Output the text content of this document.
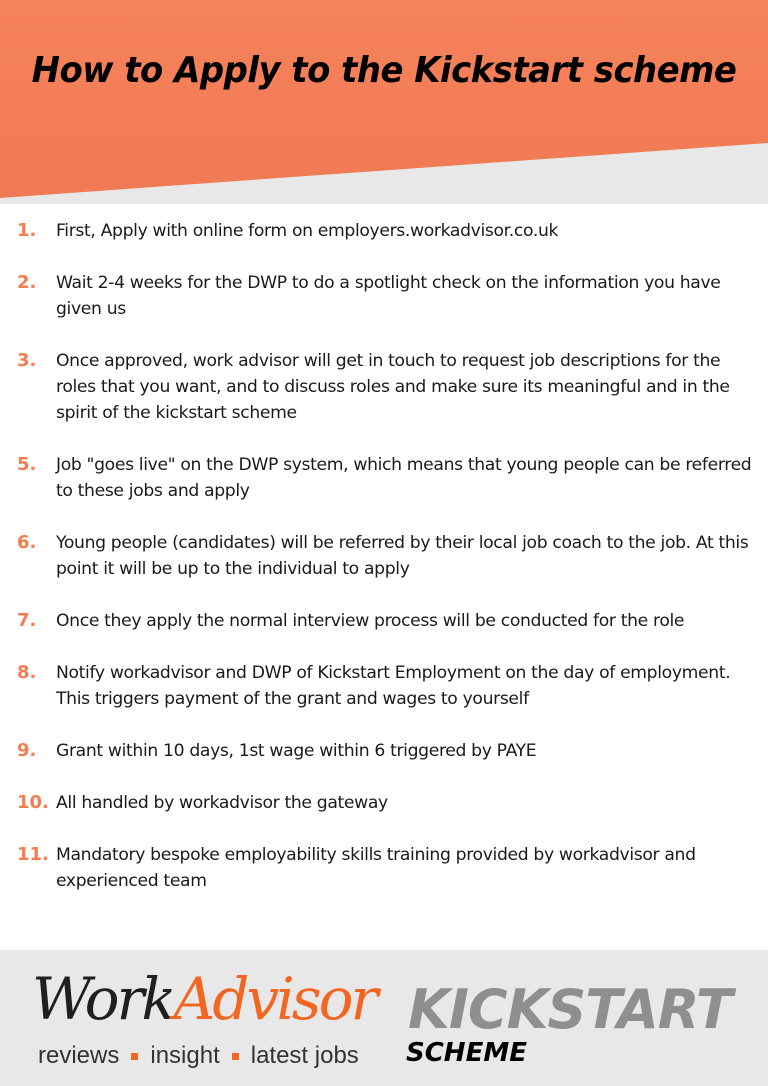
How to Apply to the Kickstart scheme
1.	First, Apply with online form on employers.workadvisor.co.uk
2.	Wait 2-4 weeks for the DWP to do a spotlight check on the information you have given us
3.	Once approved, work advisor will get in touch to request job descriptions for the roles that you want, and to discuss roles and make sure its meaningful and in the spirit of the kickstart scheme
5.	Job "goes live" on the DWP system, which means that young people can be referred to these jobs and apply
6.	Young people (candidates) will be referred by their local job coach to the job. At this point it will be up to the individual to apply
7.	Once they apply the normal interview process will be conducted for the role
8.	Notify workadvisor and DWP of Kickstart Employment on the day of employment. This triggers payment of the grant and wages to yourself
9.	Grant within 10 days, 1st wage within 6 triggered by PAYE
10. All handled by workadvisor the gateway
11. Mandatory bespoke employability skills training provided by workadvisor and experienced team
WorkAdvisor
reviews insight latest jobs
KICKSTART
SCHEME
